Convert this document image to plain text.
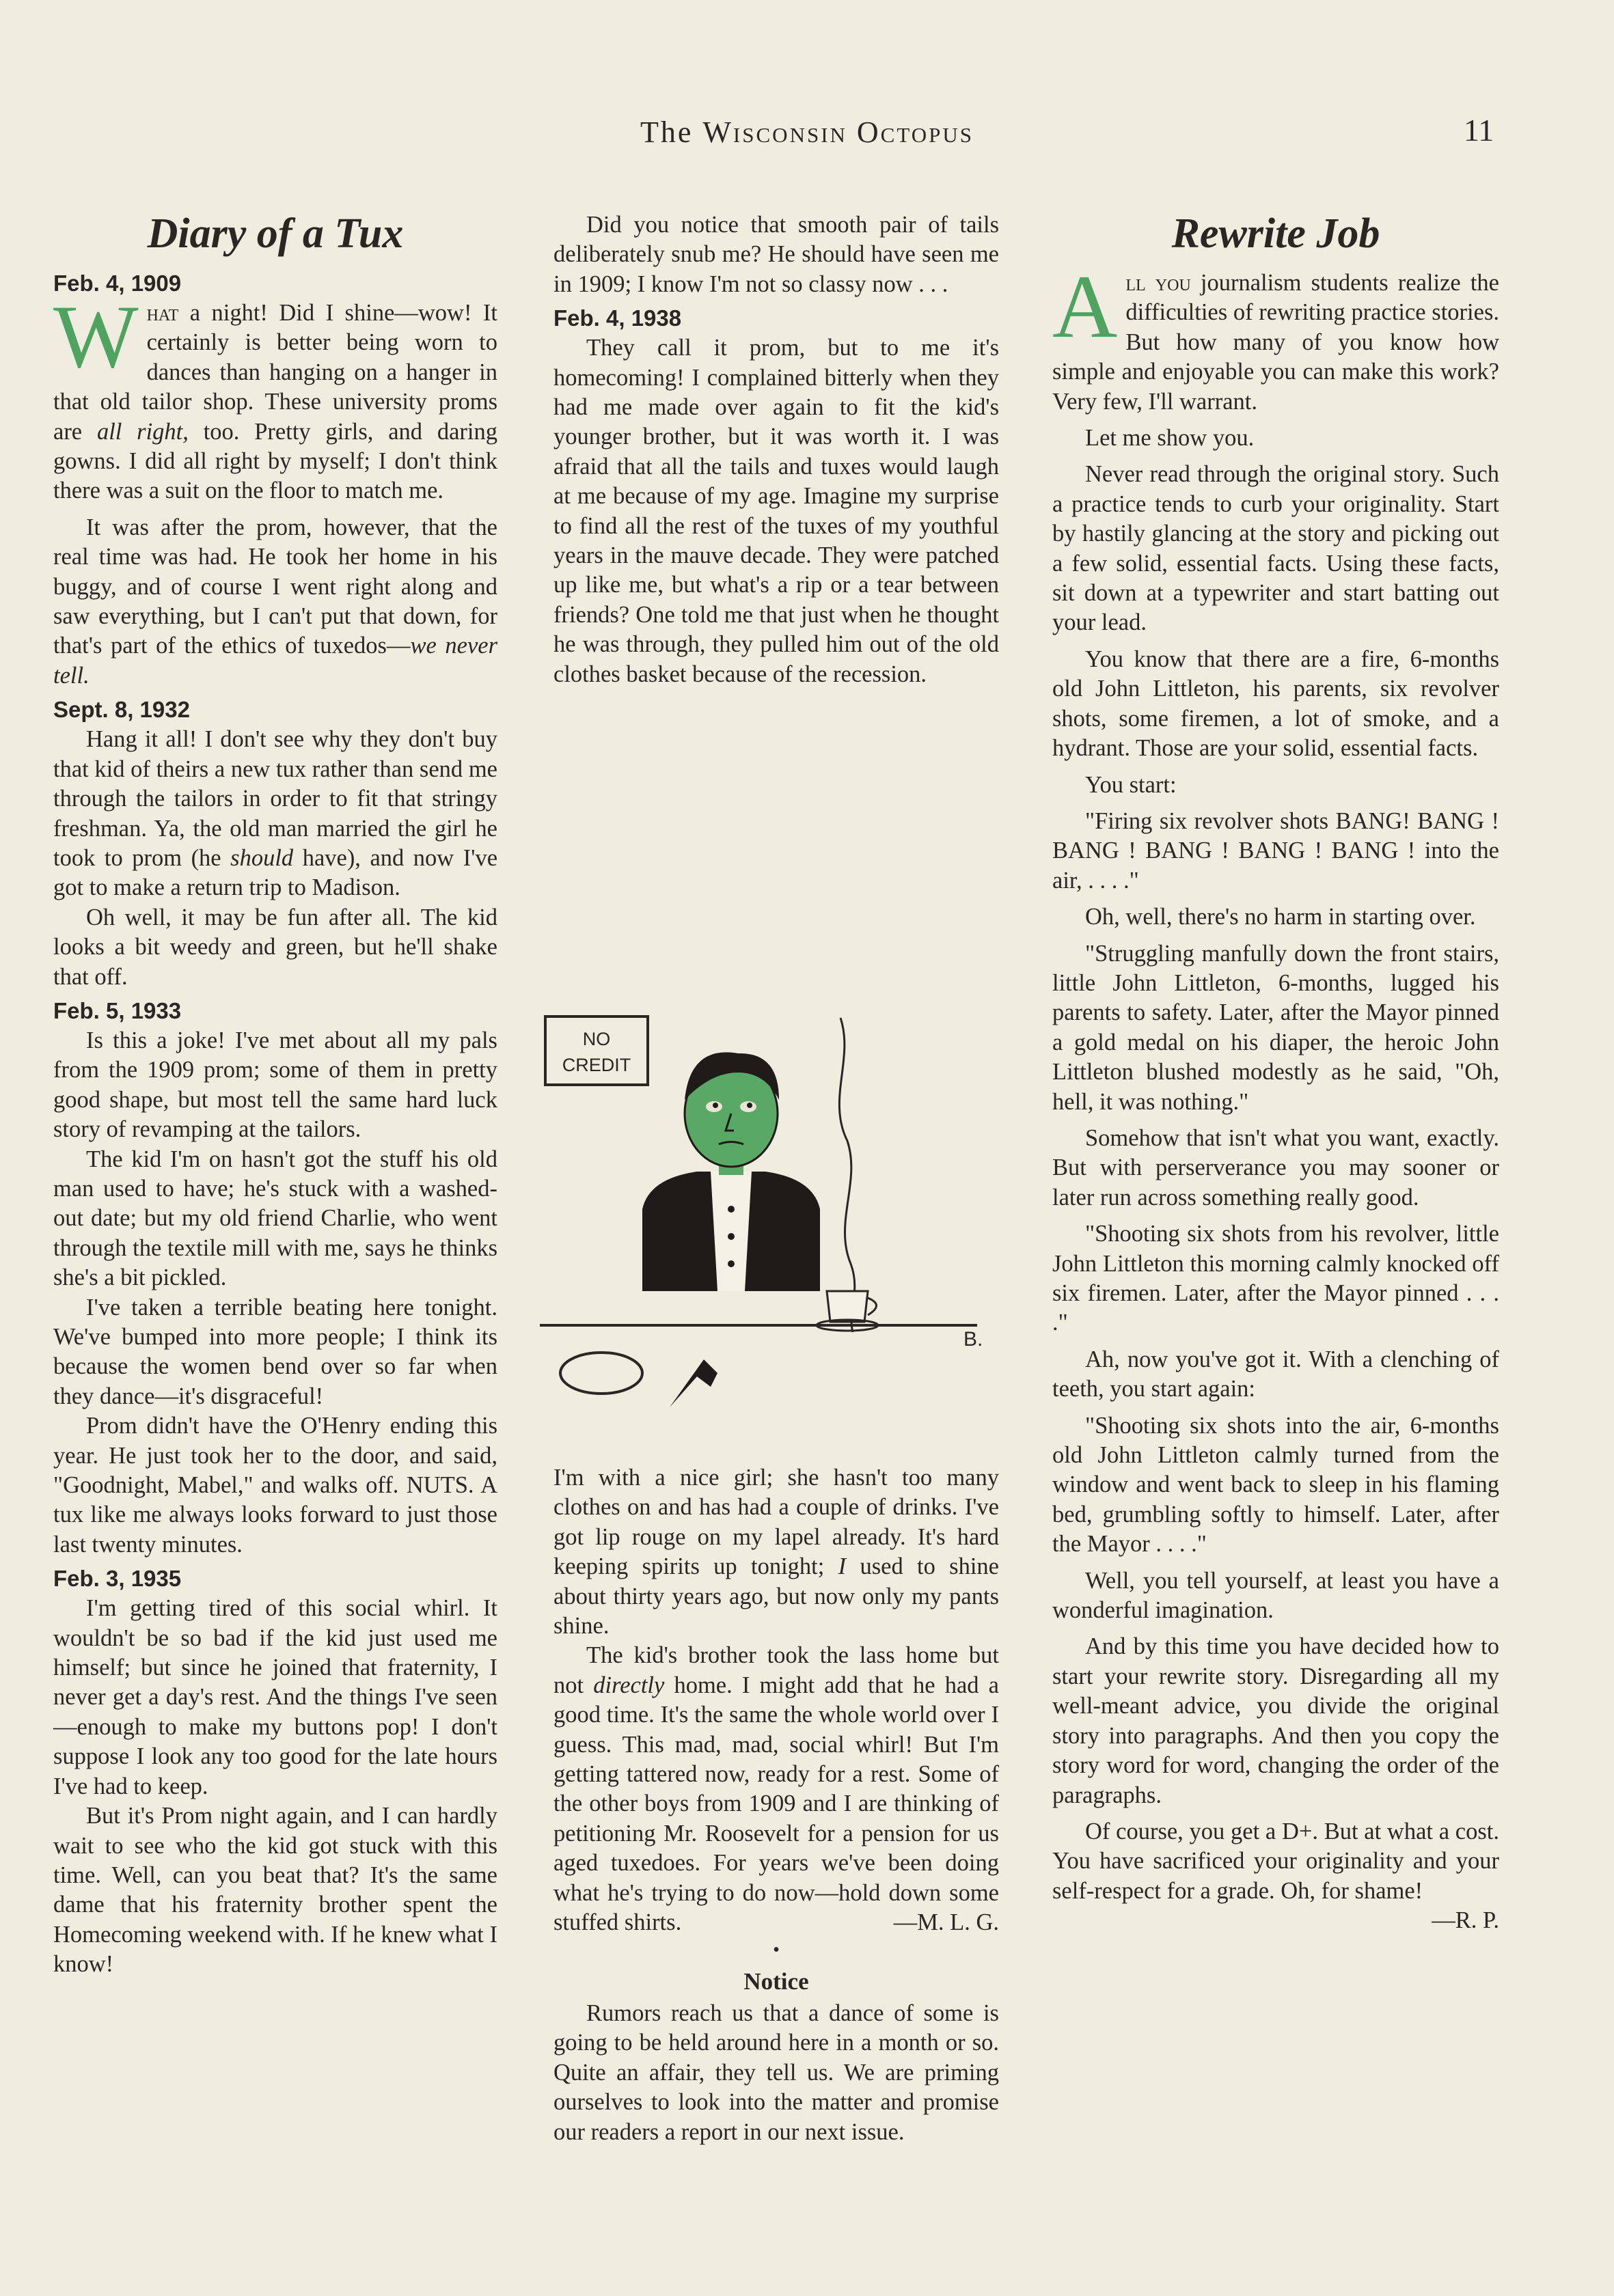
The Wisconsin Octopus	11
Diary of a Tux
Feb. 4, 1909

What a night! Did I shine—wow! It certainly is better being worn to dances than hanging on a hanger in that old tailor shop. These university proms are all right, too. Pretty girls, and daring gowns. I did all right by myself; I don't think there was a suit on the floor to match me.

It was after the prom, however, that the real time was had. He took her home in his buggy, and of course I went right along and saw everything, but I can't put that down, for that's part of the ethics of tuxedos—we never tell.

Sept. 8, 1932

Hang it all! I don't see why they don't buy that kid of theirs a new tux rather than send me through the tailors in order to fit that stringy freshman. Ya, the old man married the girl he took to prom (he should have), and now I've got to make a return trip to Madison.

Oh well, it may be fun after all. The kid looks a bit weedy and green, but he'll shake that off.

Feb. 5, 1933

Is this a joke! I've met about all my pals from the 1909 prom; some of them in pretty good shape, but most tell the same hard luck story of revamping at the tailors.

The kid I'm on hasn't got the stuff his old man used to have; he's stuck with a washed-out date; but my old friend Charlie, who went through the textile mill with me, says he thinks she's a bit pickled.

I've taken a terrible beating here tonight. We've bumped into more people; I think its because the women bend over so far when they dance—it's disgraceful!

Prom didn't have the O'Henry ending this year. He just took her to the door, and said, "Goodnight, Mabel," and walks off. NUTS. A tux like me always looks forward to just those last twenty minutes.

Feb. 3, 1935

I'm getting tired of this social whirl. It wouldn't be so bad if the kid just used me himself; but since he joined that fraternity, I never get a day's rest. And the things I've seen—enough to make my buttons pop! I don't suppose I look any too good for the late hours I've had to keep.

But it's Prom night again, and I can hardly wait to see who the kid got stuck with this time. Well, can you beat that? It's the same dame that his fraternity brother spent the Homecoming weekend with. If he knew what I know!

Did you notice that smooth pair of tails deliberately snub me? He should have seen me in 1909; I know I'm not so classy now . . .

Feb. 4, 1938

They call it prom, but to me it's homecoming! I complained bitterly when they had me made over again to fit the kid's younger brother, but it was worth it. I was afraid that all the tails and tuxes would laugh at me because of my age. Imagine my surprise to find all the rest of the tuxes of my youthful years in the mauve decade. They were patched up like me, but what's a rip or a tear between friends? One told me that just when he thought he was through, they pulled him out of the old clothes basket because of the recession.

NO
CREDIT
B.

I'm with a nice girl; she hasn't too many clothes on and has had a couple of drinks. I've got lip rouge on my lapel already. It's hard keeping spirits up tonight; I used to shine about thirty years ago, but now only my pants shine.

The kid's brother took the lass home but not directly home. I might add that he had a good time. It's the same the whole world over I guess. This mad, mad, social whirl! But I'm getting tattered now, ready for a rest. Some of the other boys from 1909 and I are thinking of petitioning Mr. Roosevelt for a pension for us aged tuxedoes. For years we've been doing what he's trying to do now—hold down some stuffed shirts.	—M. L. G.

•
Notice

Rumors reach us that a dance of some is going to be held around here in a month or so. Quite an affair, they tell us. We are priming ourselves to look into the matter and promise our readers a report in our next issue.

Rewrite Job

All you journalism students realize the difficulties of rewriting practice stories. But how many of you know how simple and enjoyable you can make this work? Very few, I'll warrant.

Let me show you.

Never read through the original story. Such a practice tends to curb your originality. Start by hastily glancing at the story and picking out a few solid, essential facts. Using these facts, sit down at a typewriter and start batting out your lead.

You know that there are a fire, 6-months old John Littleton, his parents, six revolver shots, some firemen, a lot of smoke, and a hydrant. Those are your solid, essential facts.

You start:

"Firing six revolver shots BANG! BANG ! BANG ! BANG ! BANG ! BANG ! into the air, . . . ."

Oh, well, there's no harm in starting over.

"Struggling manfully down the front stairs, little John Littleton, 6-months, lugged his parents to safety. Later, after the Mayor pinned a gold medal on his diaper, the heroic John Littleton blushed modestly as he said, "Oh, hell, it was nothing."

Somehow that isn't what you want, exactly. But with perserverance you may sooner or later run across something really good.

"Shooting six shots from his revolver, little John Littleton this morning calmly knocked off six firemen. Later, after the Mayor pinned . . . ."

Ah, now you've got it. With a clenching of teeth, you start again:

"Shooting six shots into the air, 6-months old John Littleton calmly turned from the window and went back to sleep in his flaming bed, grumbling softly to himself. Later, after the Mayor . . . ."

Well, you tell yourself, at least you have a wonderful imagination.

And by this time you have decided how to start your rewrite story. Disregarding all my well-meant advice, you divide the original story into paragraphs. And then you copy the story word for word, changing the order of the paragraphs.

Of course, you get a D+. But at what a cost. You have sacrificed your originality and your self-respect for a grade. Oh, for shame!
—R. P.
